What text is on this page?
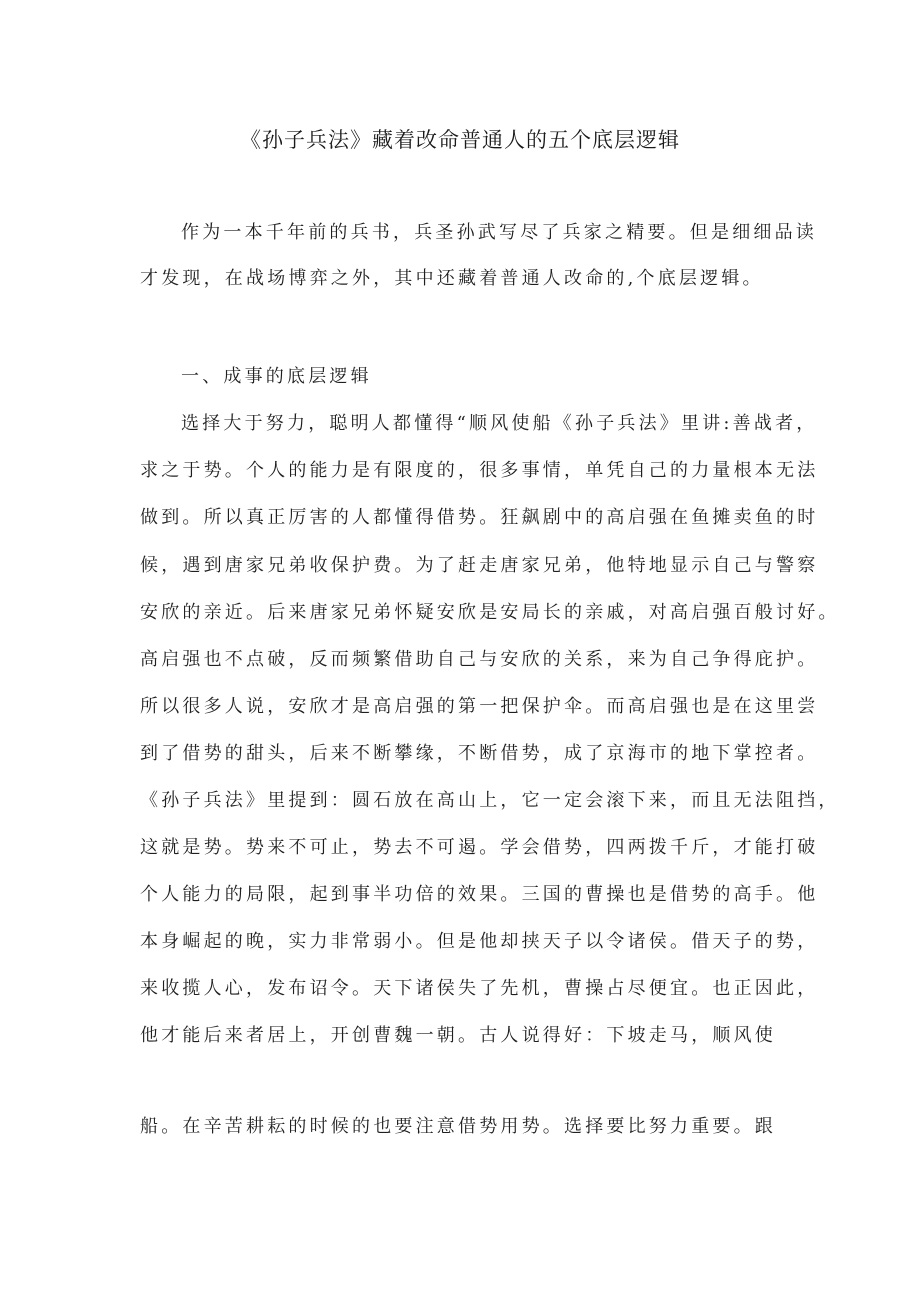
《孙子兵法》藏着改命普通人的五个底层逻辑
作为一本千年前的兵书，兵圣孙武写尽了兵家之精要。但是细细品读
才发现，在战场博弈之外，其中还藏着普通人改命的,个底层逻辑。
一、成事的底层逻辑
选择大于努力，聪明人都懂得“顺风使船《孙子兵法》里讲:善战者，
求之于势。个人的能力是有限度的，很多事情，单凭自己的力量根本无法
做到。所以真正厉害的人都懂得借势。狂飙剧中的高启强在鱼摊卖鱼的时
候，遇到唐家兄弟收保护费。为了赶走唐家兄弟，他特地显示自己与警察
安欣的亲近。后来唐家兄弟怀疑安欣是安局长的亲戚，对高启强百般讨好。
高启强也不点破，反而频繁借助自己与安欣的关系，来为自己争得庇护。
所以很多人说，安欣才是高启强的第一把保护伞。而高启强也是在这里尝
到了借势的甜头，后来不断攀缘，不断借势，成了京海市的地下掌控者。
《孙子兵法》里提到：圆石放在高山上，它一定会滚下来，而且无法阻挡，
这就是势。势来不可止，势去不可遏。学会借势，四两拨千斤，才能打破
个人能力的局限，起到事半功倍的效果。三国的曹操也是借势的高手。他
本身崛起的晚，实力非常弱小。但是他却挟天子以令诸侯。借天子的势，
来收揽人心，发布诏令。天下诸侯失了先机，曹操占尽便宜。也正因此，
他才能后来者居上，开创曹魏一朝。古人说得好：下坡走马，顺风使
船。在辛苦耕耘的时候的也要注意借势用势。选择要比努力重要。跟
